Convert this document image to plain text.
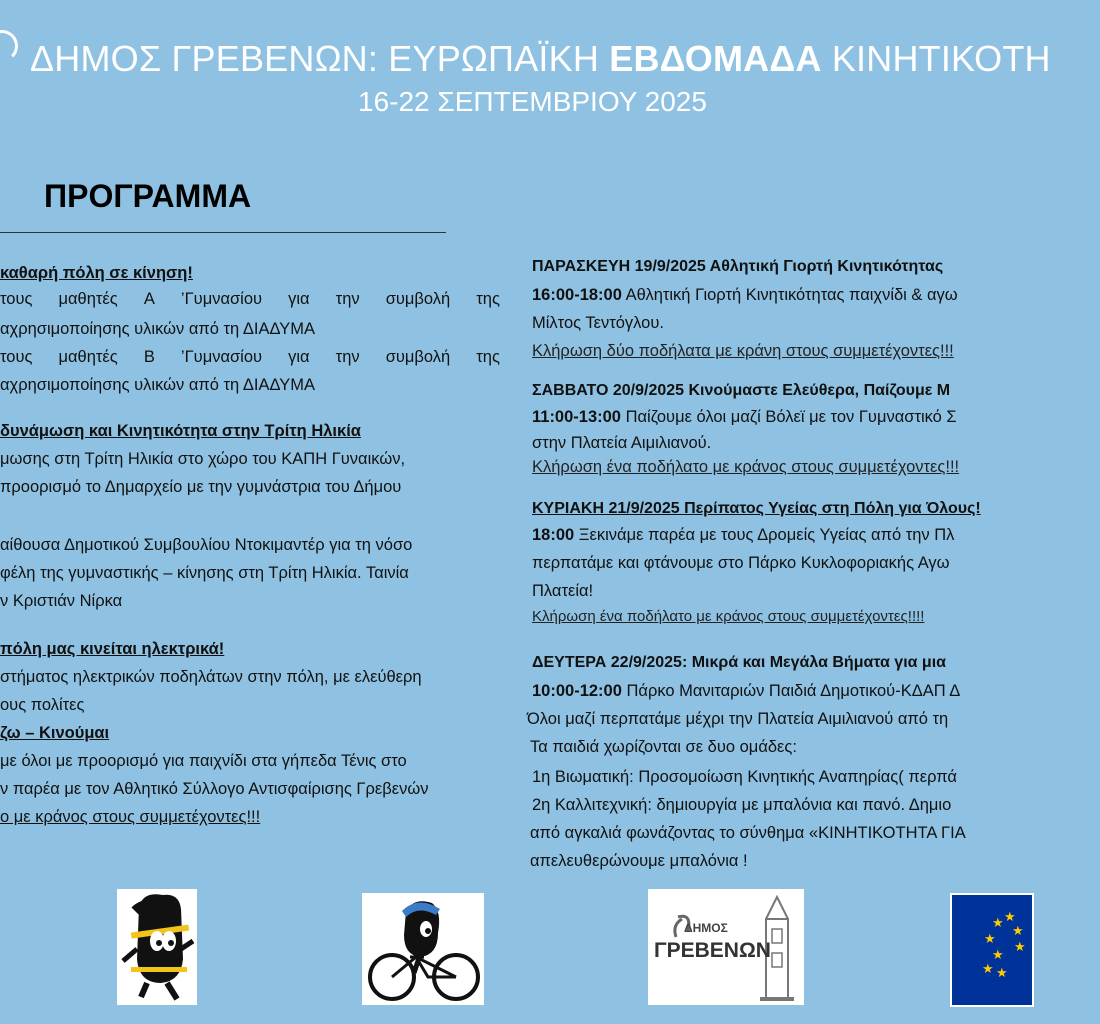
ΔΗΜΟΣ ΓΡΕΒΕΝΩΝ: ΕΥΡΩΠΑΪΚΗ ΕΒΔΟΜΑΔΑ ΚΙΝΗΤΙΚΟΤΗ
16-22 ΣΕΠΤΕΜΒΡΙΟΥ 2025
ΠΡΟΓΡΑΜΜΑ
καθαρή πόλη σε κίνηση!
τους μαθητές Α ’Γυμνασίου για την συμβολή της
αχρησιμοποίησης υλικών από τη ΔΙΑΔΥΜΑ
τους μαθητές Β ’Γυμνασίου για την συμβολή της
αχρησιμοποίησης υλικών από τη ΔΙΑΔΥΜΑ
δυνάμωση και Κινητικότητα στην Τρίτη Ηλικία
μωσης στη Τρίτη Ηλικία στο χώρο του ΚΑΠΗ Γυναικών,
προορισμό το Δημαρχείο με την γυμνάστρια του Δήμου
αίθουσα Δημοτικού Συμβουλίου Ντοκιμαντέρ για τη νόσο
φέλη της γυμναστικής – κίνησης στη Τρίτη Ηλικία. Ταινία
ν Κριστιάν Νίρκα
πόλη μας κινείται ηλεκτρικά!
στήματος ηλεκτρικών ποδηλάτων στην πόλη, με ελεύθερη
ους πολίτες
ζω – Κινούμαι
με όλοι με προορισμό για παιχνίδι στα γήπεδα Τένις στο
ν παρέα με τον Αθλητικό Σύλλογο Αντισφαίρισης Γρεβενών
ο με κράνος στους συμμετέχοντες!!!
ΠΑΡΑΣΚΕΥΗ 19/9/2025 Αθλητική Γιορτή Κινητικότητας
16:00-18:00 Αθλητική Γιορτή Κινητικότητας παιχνίδι & αγω
Μίλτος Τεντόγλου.
Κλήρωση δύο ποδήλατα με κράνη στους συμμετέχοντες!!!
ΣΑΒΒΑΤΟ 20/9/2025 Κινούμαστε Ελεύθερα, Παίζουμε Μ
11:00-13:00 Παίζουμε όλοι μαζί Βόλεϊ με τον Γυμναστικό Σ
στην Πλατεία Αιμιλιανού.
Κλήρωση ένα ποδήλατο με κράνος στους συμμετέχοντες!!!
ΚΥΡΙΑΚΗ 21/9/2025 Περίπατος Υγείας στη Πόλη για Όλους!
18:00 Ξεκινάμε παρέα με τους Δρομείς Υγείας από την Πλ
περπατάμε και φτάνουμε στο Πάρκο Κυκλοφοριακής Αγω
Πλατεία!
Κλήρωση ένα ποδήλατο με κράνος στους συμμετέχοντες!!!!
ΔΕΥΤΕΡΑ 22/9/2025: Μικρά και Μεγάλα Βήματα για μια
10:00-12:00 Πάρκο Μανιταριών Παιδιά Δημοτικού-ΚΔΑΠ Δ
Όλοι μαζί περπατάμε μέχρι την Πλατεία Αιμιλιανού από τη
Τα παιδιά χωρίζονται σε δυο ομάδες:
1η Βιωματική: Προσομοίωση Κινητικής Αναπηρίας( περπά
2η Καλλιτεχνική: δημιουργία με μπαλόνια και πανό. Δημιο
από αγκαλιά φωνάζοντας το σύνθημα «ΚΙΝΗΤΙΚΟΤΗΤΑ ΓΙΑ
απελευθερώνουμε μπαλόνια !
ΔΗΜΟΣ
ΓΡΕΒΕΝΩΝ
★
★
★
★
★
★
★ ★
